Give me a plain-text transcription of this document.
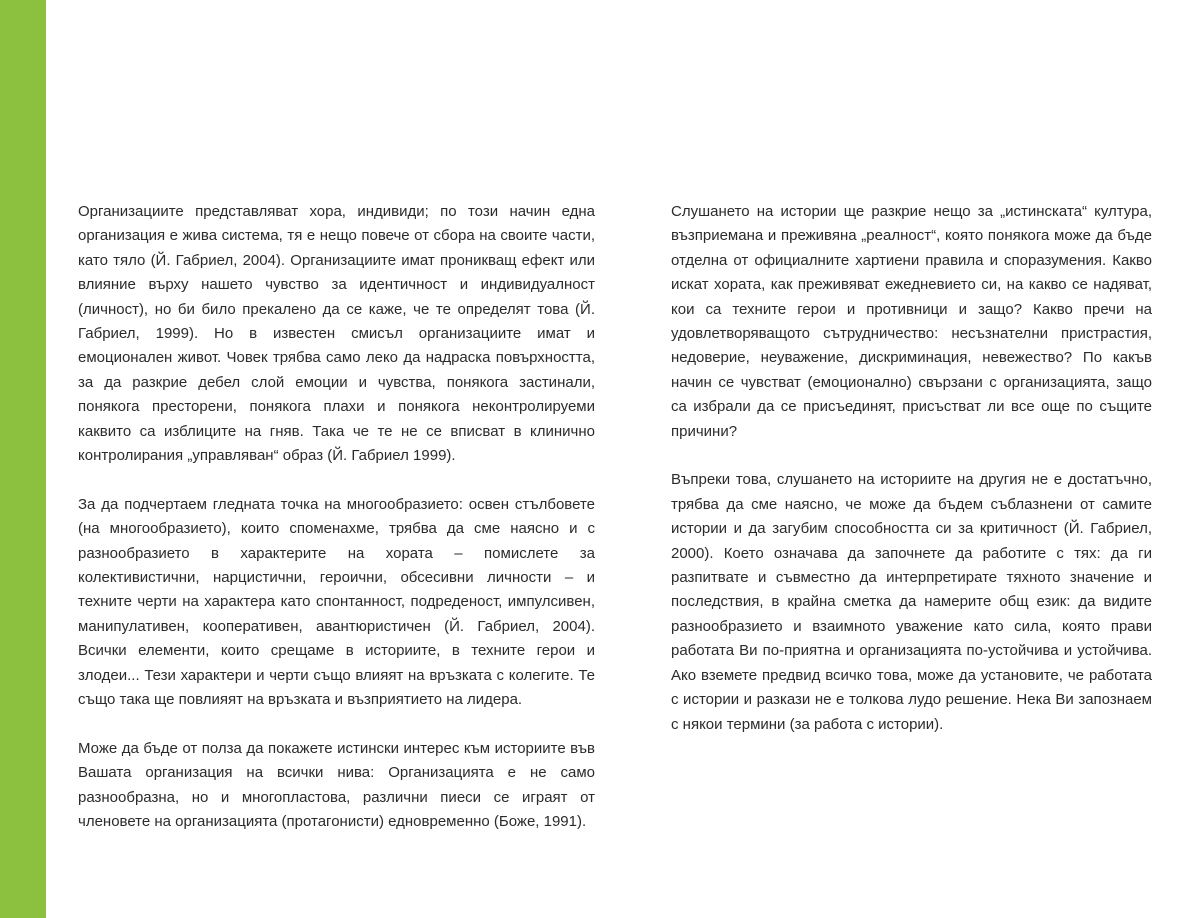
Организациите представляват хора, индивиди; по този начин една организация е жива система, тя е нещо повече от сбора на своите части, като тяло (Й. Габриел, 2004). Организациите имат проникващ ефект или влияние върху нашето чувство за идентичност и индивидуалност (личност), но би било прекалено да се каже, че те определят това (Й. Габриел, 1999). Но в известен смисъл организациите имат и емоционален живот. Човек трябва само леко да надраска повърхността, за да разкрие дебел слой емоции и чувства, понякога застинали, понякога престорени, понякога плахи и понякога неконтролируеми каквито са изблиците на гняв. Така че те не се вписват в клинично контролирания „управляван“ образ (Й. Габриел 1999).

За да подчертаем гледната точка на многообразието: освен стълбовете (на многообразието), които споменахме, трябва да сме наясно и с разнообразието в характерите на хората – помислете за колективистични, нарцистични, героични, обсесивни личности – и техните черти на характера като спонтанност, подреденост, импулсивен, манипулативен, кооперативен, авантюристичен (Й. Габриел, 2004). Всички елементи, които срещаме в историите, в техните герои и злодеи... Тези характери и черти също влияят на връзката с колегите. Те също така ще повлияят на връзката и възприятието на лидера.

Може да бъде от полза да покажете истински интерес към историите във Вашата организация на всички нива: Организацията е не само разнообразна, но и многопластова, различни пиеси се играят от членовете на организацията (протагонисти) едновременно (Боже, 1991).

Слушането на истории ще разкрие нещо за „истинската“ култура, възприемана и преживяна „реалност“, която понякога може да бъде отделна от официалните хартиени правила и споразумения. Какво искат хората, как преживяват ежедневието си, на какво се надяват, кои са техните герои и противници и защо? Какво пречи на удовлетворяващото сътрудничество: несъзнателни пристрастия, недоверие, неуважение, дискриминация, невежество? По какъв начин се чувстват (емоционално) свързани с организацията, защо са избрали да се присъединят, присъстват ли все още по същите причини?

Въпреки това, слушането на историите на другия не е достатъчно, трябва да сме наясно, че може да бъдем съблазнени от самите истории и да загубим способността си за критичност (Й. Габриел, 2000). Което означава да започнете да работите с тях: да ги разпитвате и съвместно да интерпретирате тяхното значение и последствия, в крайна сметка да намерите общ език: да видите разнообразието и взаимното уважение като сила, която прави работата Ви по-приятна и организацията по-устойчива и устойчива. Ако вземете предвид всичко това, може да установите, че работата с истории и разкази не е толкова лудо решение. Нека Ви запознаем с някои термини (за работа с истории).
